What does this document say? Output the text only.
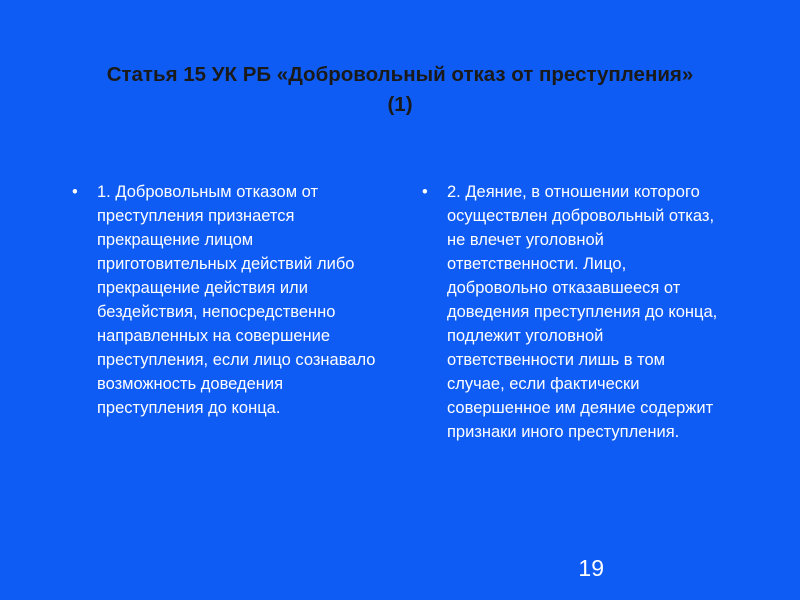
Статья 15 УК РБ «Добровольный отказ от преступления»
(1)
•	1. Добровольным отказом от преступления признается прекращение лицом приготовительных действий либо прекращение действия или бездействия, непосредственно направленных на совершение преступления, если лицо сознавало возможность доведения преступления до конца.
•	2. Деяние, в отношении которого осуществлен добровольный отказ, не влечет уголовной ответственности. Лицо, добровольно отказавшееся от доведения преступления до конца, подлежит уголовной ответственности лишь в том случае, если фактически совершенное им деяние содержит признаки иного преступления.
19
